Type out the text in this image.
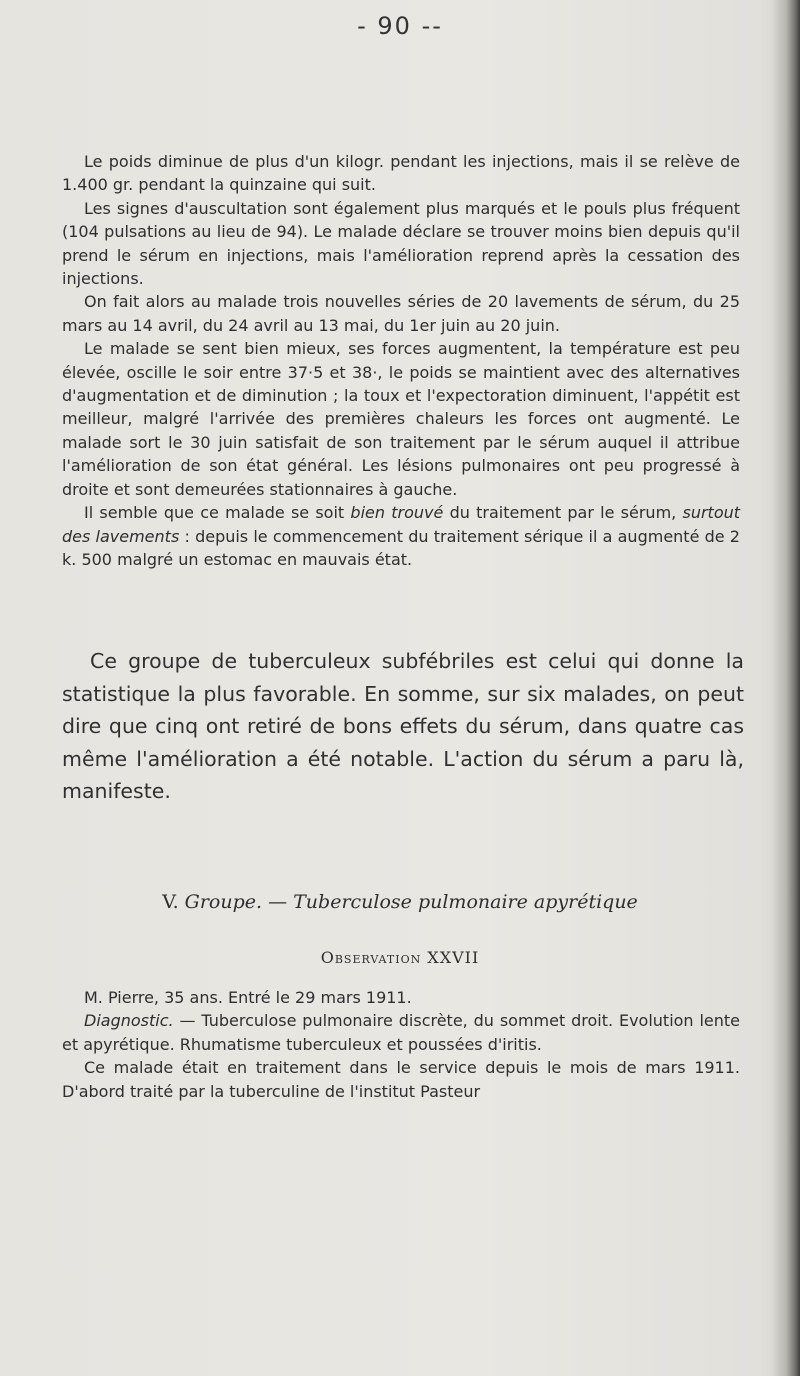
- 90 --

Le poids diminue de plus d'un kilogr. pendant les injections, mais il se relève de 1.400 gr. pendant la quinzaine qui suit.

Les signes d'auscultation sont également plus marqués et le pouls plus fréquent (104 pulsations au lieu de 94). Le malade déclare se trouver moins bien depuis qu'il prend le sérum en injections, mais l'amélioration reprend après la cessation des injections.

On fait alors au malade trois nouvelles séries de 20 lavements de sérum, du 25 mars au 14 avril, du 24 avril au 13 mai, du 1er juin au 20 juin.

Le malade se sent bien mieux, ses forces augmentent, la température est peu élevée, oscille le soir entre 37·5 et 38·, le poids se maintient avec des alternatives d'augmentation et de diminution ; la toux et l'expectoration diminuent, l'appétit est meilleur, malgré l'arrivée des premières chaleurs les forces ont augmenté. Le malade sort le 30 juin satisfait de son traitement par le sérum auquel il attribue l'amélioration de son état général. Les lésions pulmonaires ont peu progressé à droite et sont demeurées stationnaires à gauche.

Il semble que ce malade se soit bien trouvé du traitement par le sérum, surtout des lavements : depuis le commencement du traitement sérique il a augmenté de 2 k. 500 malgré un estomac en mauvais état.

Ce groupe de tuberculeux subfébriles est celui qui donne la statistique la plus favorable. En somme, sur six malades, on peut dire que cinq ont retiré de bons effets du sérum, dans quatre cas même l'amélioration a été notable. L'action du sérum a paru là, manifeste.

V. Groupe. — Tuberculose pulmonaire apyrétique
Observation XXVII

M. Pierre, 35 ans. Entré le 29 mars 1911.

Diagnostic. — Tuberculose pulmonaire discrète, du sommet droit. Evolution lente et apyrétique. Rhumatisme tuberculeux et poussées d'iritis.

Ce malade était en traitement dans le service depuis le mois de mars 1911. D'abord traité par la tuberculine de l'institut Pasteur
